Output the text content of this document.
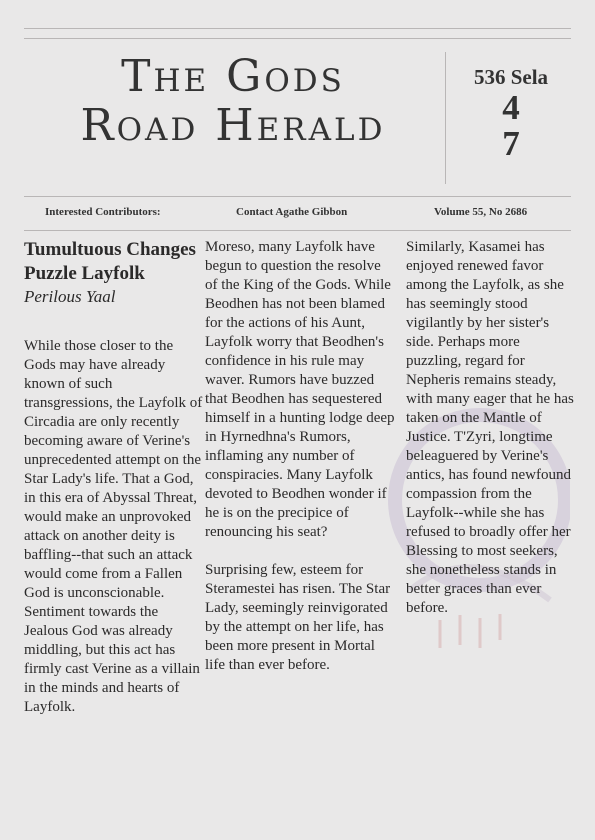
The Gods
Road Herald
536 Sela
4
7
Interested Contributors:	Contact Agathe Gibbon	Volume 55, No 2686
Tumultuous Changes Puzzle Layfolk
Perilous Yaal

While those closer to the Gods may have already known of such transgressions, the Layfolk of Circadia are only recently becoming aware of Verine's unprecedented attempt on the Star Lady's life. That a God, in this era of Abyssal Threat, would make an unprovoked attack on another deity is baffling--that such an attack would come from a Fallen God is unconscionable. Sentiment towards the Jealous God was already middling, but this act has firmly cast Verine as a villain in the minds and hearts of Layfolk.

Moreso, many Layfolk have begun to question the resolve of the King of the Gods. While Beodhen has not been blamed for the actions of his Aunt, Layfolk worry that Beodhen's confidence in his rule may waver. Rumors have buzzed that Beodhen has sequestered himself in a hunting lodge deep in Hyrnedhna's Rumors, inflaming any number of conspiracies. Many Layfolk devoted to Beodhen wonder if he is on the precipice of renouncing his seat?

Surprising few, esteem for Steramestei has risen. The Star Lady, seemingly reinvigorated by the attempt on her life, has been more present in Mortal life than ever before.

Similarly, Kasamei has enjoyed renewed favor among the Layfolk, as she has seemingly stood vigilantly by her sister's side. Perhaps more puzzling, regard for Nepheris remains steady, with many eager that he has taken on the Mantle of Justice. T'Zyri, longtime beleaguered by Verine's antics, has found newfound compassion from the Layfolk--while she has refused to broadly offer her Blessing to most seekers, she nonetheless stands in better graces than ever before.
